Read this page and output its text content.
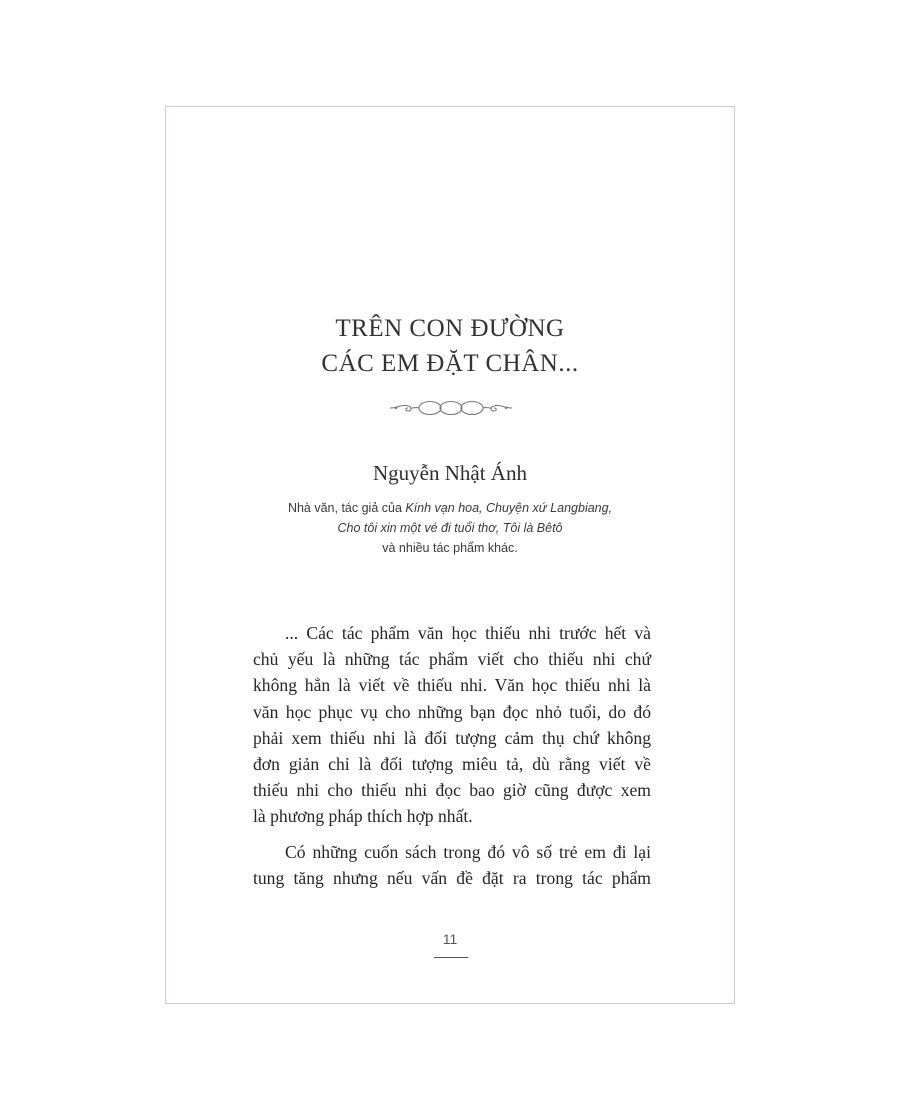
TRÊN CON ĐƯỜNG
CÁC EM ĐẶT CHÂN...
Nguyễn Nhật Ánh
Nhà văn, tác giả của Kính vạn hoa, Chuyện xứ Langbiang,
Cho tôi xin một vé đi tuổi thơ, Tôi là Bêtô
và nhiều tác phẩm khác.
... Các tác phẩm văn học thiếu nhi trước hết và
chủ yếu là những tác phẩm viết cho thiếu nhi chứ
không hẳn là viết về thiếu nhi. Văn học thiếu nhi là
văn học phục vụ cho những bạn đọc nhỏ tuổi, do đó
phải xem thiếu nhi là đối tượng cảm thụ chứ không
đơn giản chỉ là đối tượng miêu tả, dù rằng viết về
thiếu nhi cho thiếu nhi đọc bao giờ cũng được xem
là phương pháp thích hợp nhất.
Có những cuốn sách trong đó vô số trẻ em đi lại
tung tăng nhưng nếu vấn đề đặt ra trong tác phẩm
11
